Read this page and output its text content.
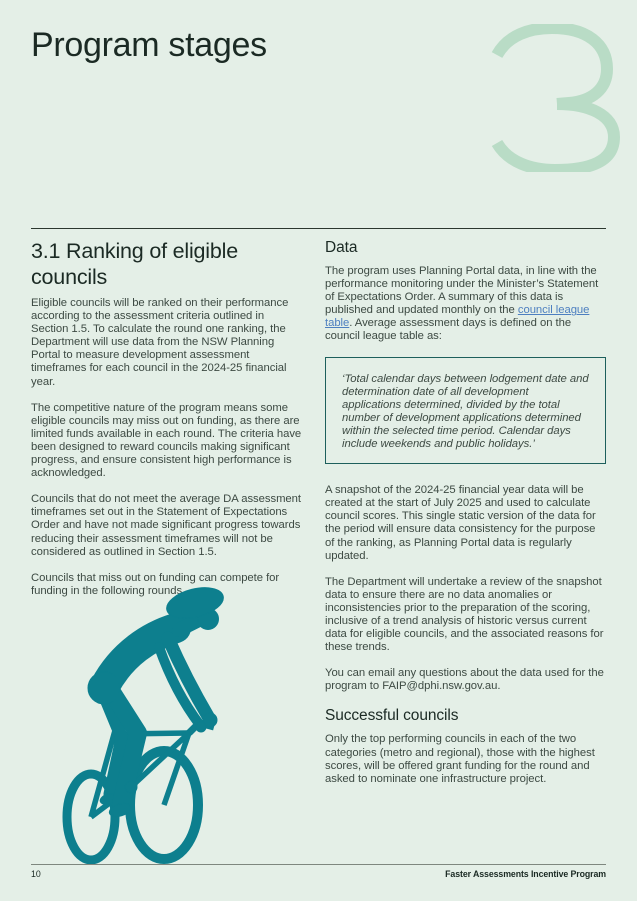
Program stages
3.1 Ranking of eligible councils

Eligible councils will be ranked on their performance according to the assessment criteria outlined in Section 1.5. To calculate the round one ranking, the Department will use data from the NSW Planning Portal to measure development assessment timeframes for each council in the 2024-25 financial year.

The competitive nature of the program means some eligible councils may miss out on funding, as there are limited funds available in each round. The criteria have been designed to reward councils making significant progress, and ensure consistent high performance is acknowledged.

Councils that do not meet the average DA assessment timeframes set out in the Statement of Expectations Order and have not made significant progress towards reducing their assessment timeframes will not be considered as outlined in Section 1.5.

Councils that miss out on funding can compete for funding in the following rounds.

Data

The program uses Planning Portal data, in line with the performance monitoring under the Minister’s Statement of Expectations Order. A summary of this data is published and updated monthly on the council league table. Average assessment days is defined on the council league table as:

‘Total calendar days between lodgement date and determination date of all development applications determined, divided by the total number of development applications determined within the selected time period. Calendar days include weekends and public holidays.’

A snapshot of the 2024-25 financial year data will be created at the start of July 2025 and used to calculate council scores. This single static version of the data for the period will ensure data consistency for the purpose of the ranking, as Planning Portal data is regularly updated.

The Department will undertake a review of the snapshot data to ensure there are no data anomalies or inconsistencies prior to the preparation of the scoring, inclusive of a trend analysis of historic versus current data for eligible councils, and the associated reasons for these trends.

You can email any questions about the data used for the program to FAIP@dphi.nsw.gov.au.

Successful councils

Only the top performing councils in each of the two categories (metro and regional), those with the highest scores, will be offered grant funding for the round and asked to nominate one infrastructure project.

10	Faster Assessments Incentive Program
